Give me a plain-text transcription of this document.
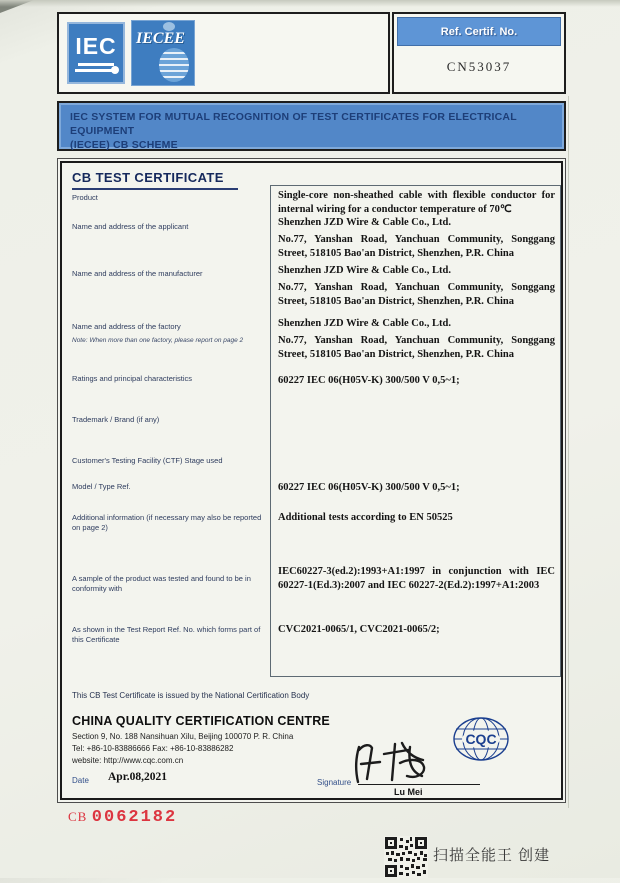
IEC IECEE	Ref. Certif. No.
CN53037
IEC SYSTEM FOR MUTUAL RECOGNITION OF TEST CERTIFICATES FOR ELECTRICAL EQUIPMENT
(IECEE) CB SCHEME
CB TEST CERTIFICATE
Single-core non-sheathed cable with flexible conductor for internal wiring for a conductor temperature of 70℃
Shenzhen JZD Wire & Cable Co., Ltd.
No.77, Yanshan Road, Yanchuan Community, Songgang Street, 518105 Bao'an District, Shenzhen, P.R. China
Shenzhen JZD Wire & Cable Co., Ltd.
No.77, Yanshan Road, Yanchuan Community, Songgang Street, 518105 Bao'an District, Shenzhen, P.R. China
Shenzhen JZD Wire & Cable Co., Ltd.
No.77, Yanshan Road, Yanchuan Community, Songgang Street, 518105 Bao'an District, Shenzhen, P.R. China
60227 IEC 06(H05V-K) 300/500 V 0,5~1;
60227 IEC 06(H05V-K) 300/500 V 0,5~1;
Additional tests according to EN 50525
IEC60227-3(ed.2):1993+A1:1997 in conjunction with IEC 60227-1(Ed.3):2007 and IEC 60227-2(Ed.2):1997+A1:2003
CVC2021-0065/1, CVC2021-0065/2;
Product
Name and address of the applicant
Name and address of the manufacturer
Name and address of the factory
Note: When more than one factory, please report on page 2
Ratings and principal characteristics
Trademark / Brand (if any)
Customer's Testing Facility (CTF) Stage used
Model / Type Ref.
Additional information (if necessary may also be reported on page 2)
A sample of the product was tested and found to be in conformity with
As shown in the Test Report Ref. No. which forms part of this Certificate
This CB Test Certificate is issued by the National Certification Body
CHINA QUALITY CERTIFICATION CENTRE
Section 9, No. 188 Nansihuan Xilu, Beijing 100070 P. R. China
Tel: +86-10-83886666 Fax: +86-10-83886282
website: http://www.cqc.com.cn
Date Apr.08,2021
CQC
Signature
Lu Mei
CB 0062182
扫描全能王 创建
